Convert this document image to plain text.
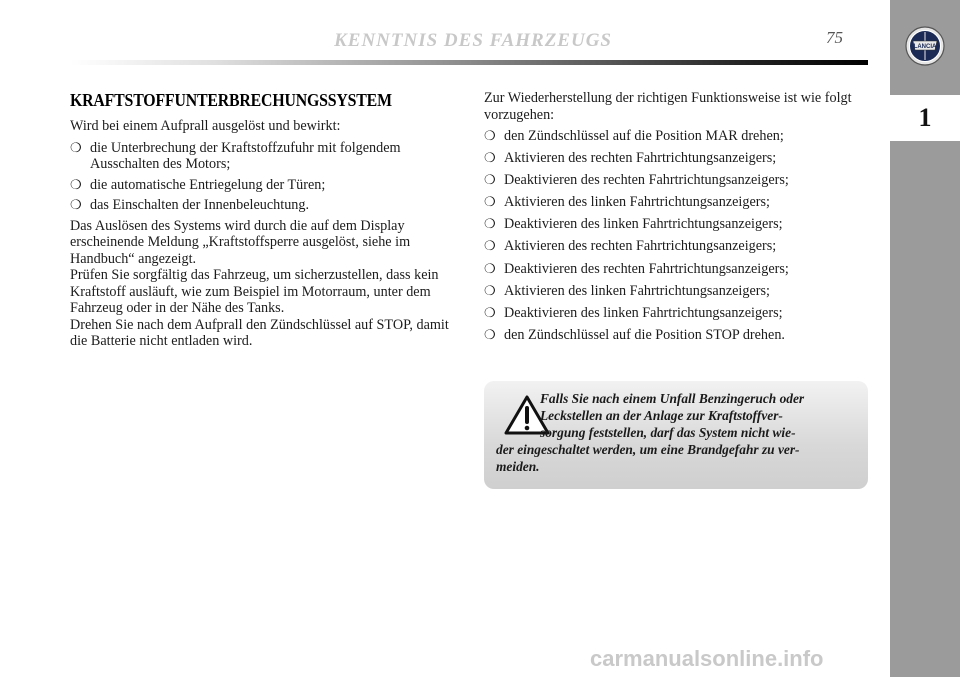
KENNTNIS DES FAHRZEUGS	75	LANCIA
1
KRAFTSTOFFUNTERBRECHUNGSSYSTEM

Wird bei einem Aufprall ausgelöst und bewirkt:

❍ die Unterbrechung der Kraftstoffzufuhr mit folgendem Ausschalten des Motors;
❍ die automatische Entriegelung der Türen;
❍ das Einschalten der Innenbeleuchtung.

Das Auslösen des Systems wird durch die auf dem Display erscheinende Meldung „Kraftstoffsperre ausgelöst, siehe im Handbuch“ angezeigt.

Prüfen Sie sorgfältig das Fahrzeug, um sicherzustellen, dass kein Kraftstoff ausläuft, wie zum Beispiel im Motorraum, unter dem Fahrzeug oder in der Nähe des Tanks.

Drehen Sie nach dem Aufprall den Zündschlüssel auf STOP, damit die Batterie nicht entladen wird.

Zur Wiederherstellung der richtigen Funktionsweise ist wie folgt vorzugehen:

❍ den Zündschlüssel auf die Position MAR drehen;
❍ Aktivieren des rechten Fahrtrichtungsanzeigers;
❍ Deaktivieren des rechten Fahrtrichtungsanzeigers;
❍ Aktivieren des linken Fahrtrichtungsanzeigers;
❍ Deaktivieren des linken Fahrtrichtungsanzeigers;
❍ Aktivieren des rechten Fahrtrichtungsanzeigers;
❍ Deaktivieren des rechten Fahrtrichtungsanzeigers;
❍ Aktivieren des linken Fahrtrichtungsanzeigers;
❍ Deaktivieren des linken Fahrtrichtungsanzeigers;
❍ den Zündschlüssel auf die Position STOP drehen.
Falls Sie nach einem Unfall Benzingeruch oder
Leckstellen an der Anlage zur Kraftstoffver-
sorgung feststellen, darf das System nicht wie-
der eingeschaltet werden, um eine Brandgefahr zu ver-
meiden.
carmanualsonline.info
